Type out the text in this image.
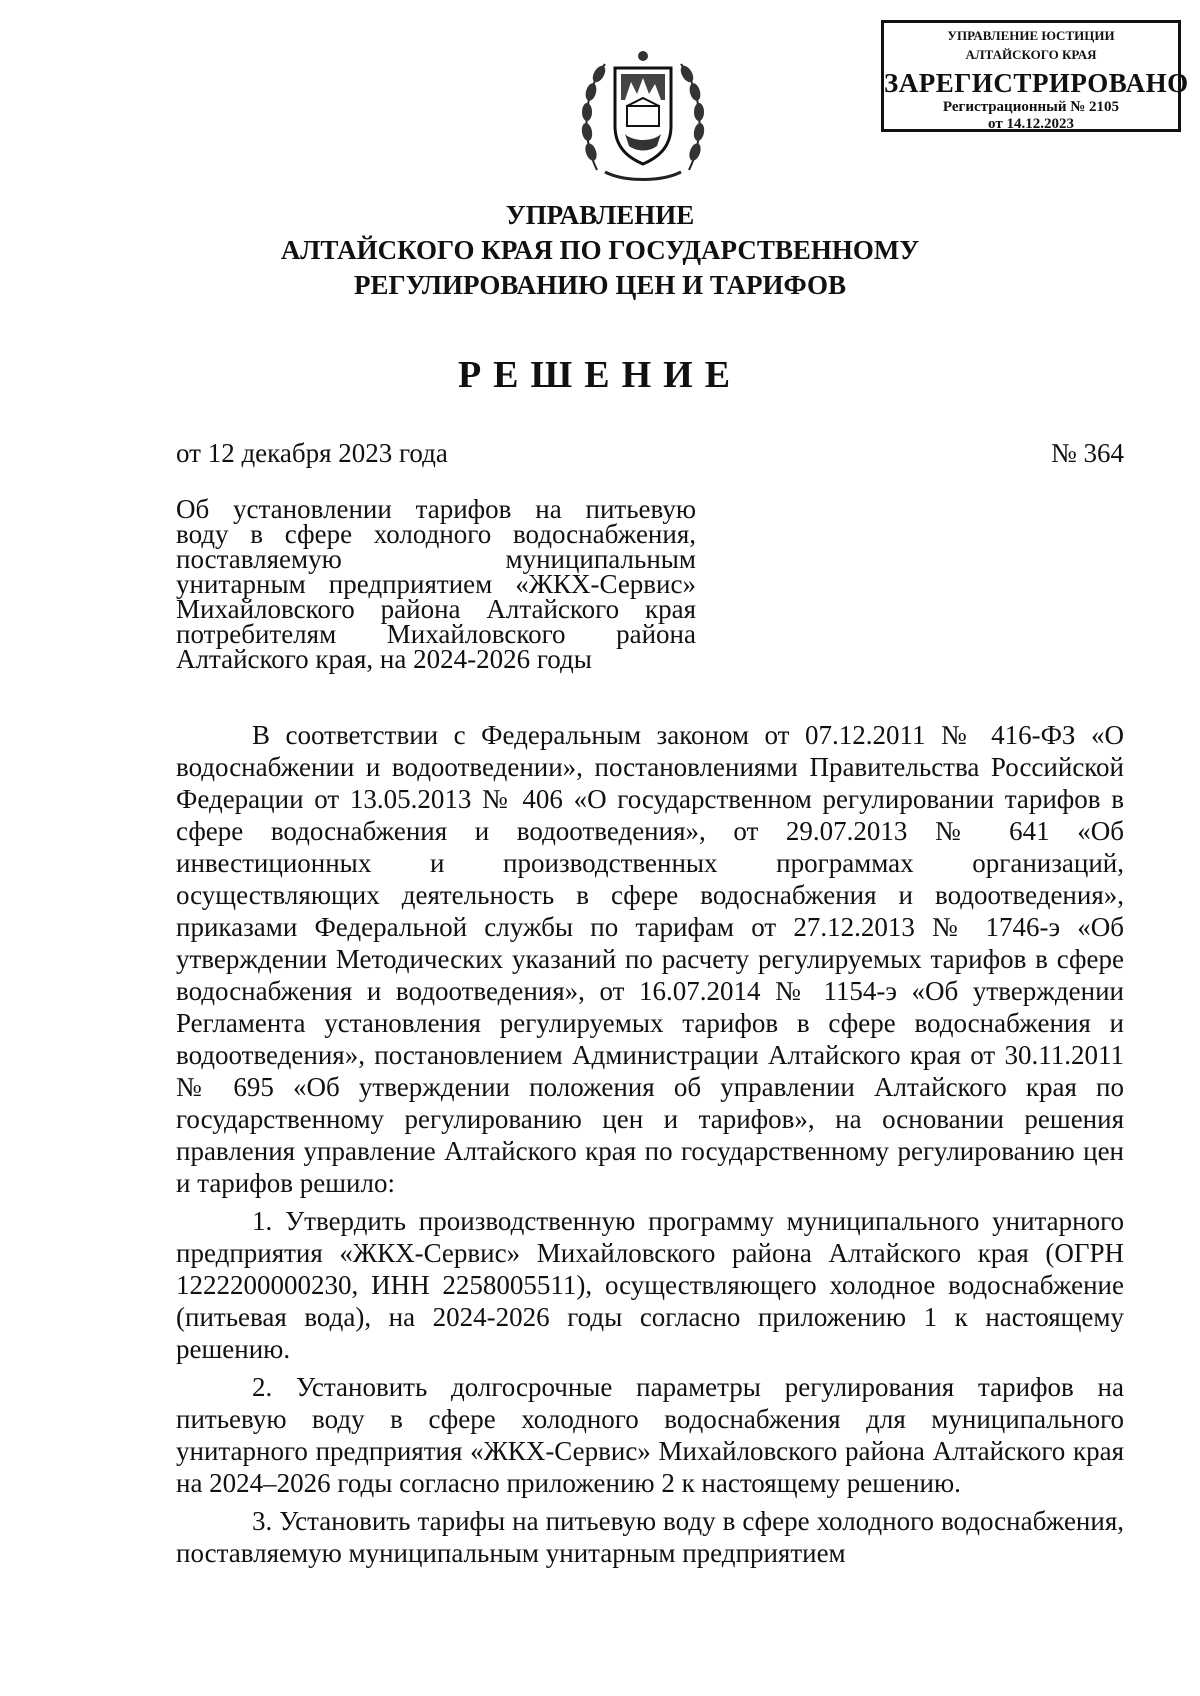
УПРАВЛЕНИЕ ЮСТИЦИИ
АЛТАЙСКОГО КРАЯ
ЗАРЕГИСТРИРОВАНО
Регистрационный № 2105
от 14.12.2023
УПРАВЛЕНИЕ
АЛТАЙСКОГО КРАЯ ПО ГОСУДАРСТВЕННОМУ
РЕГУЛИРОВАНИЮ ЦЕН И ТАРИФОВ
РЕШЕНИЕ
от 12 декабря 2023 года	№ 364
Об установлении тарифов на питьевую
воду в сфере холодного водоснабжения,
поставляемую муниципальным
унитарным предприятием «ЖКХ-Сервис»
Михайловского района Алтайского края
потребителям Михайловского района
Алтайского края, на 2024-2026 годы

В соответствии с Федеральным законом от 07.12.2011 № 416-ФЗ «О водоснабжении и водоотведении», постановлениями Правительства Российской Федерации от 13.05.2013 № 406 «О государственном регулировании тарифов в сфере водоснабжения и водоотведения», от 29.07.2013 № 641 «Об инвестиционных и производственных программах организаций, осуществляющих деятельность в сфере водоснабжения и водоотведения», приказами Федеральной службы по тарифам от 27.12.2013 № 1746-э «Об утверждении Методических указаний по расчету регулируемых тарифов в сфере водоснабжения и водоотведения», от 16.07.2014 № 1154-э «Об утверждении Регламента установления регулируемых тарифов в сфере водоснабжения и водоотведения», постановлением Администрации Алтайского края от 30.11.2011 № 695 «Об утверждении положения об управлении Алтайского края по государственному регулированию цен и тарифов», на основании решения правления управление Алтайского края по государственному регулированию цен и тарифов решило:

1. Утвердить производственную программу муниципального унитарного предприятия «ЖКХ-Сервис» Михайловского района Алтайского края (ОГРН 1222200000230, ИНН 2258005511), осуществляющего холодное водоснабжение (питьевая вода), на 2024-2026 годы согласно приложению 1 к настоящему решению.

2. Установить долгосрочные параметры регулирования тарифов на питьевую воду в сфере холодного водоснабжения для муниципального унитарного предприятия «ЖКХ-Сервис» Михайловского района Алтайского края на 2024–2026 годы согласно приложению 2 к настоящему решению.

3. Установить тарифы на питьевую воду в сфере холодного водоснабжения, поставляемую муниципальным унитарным предприятием
